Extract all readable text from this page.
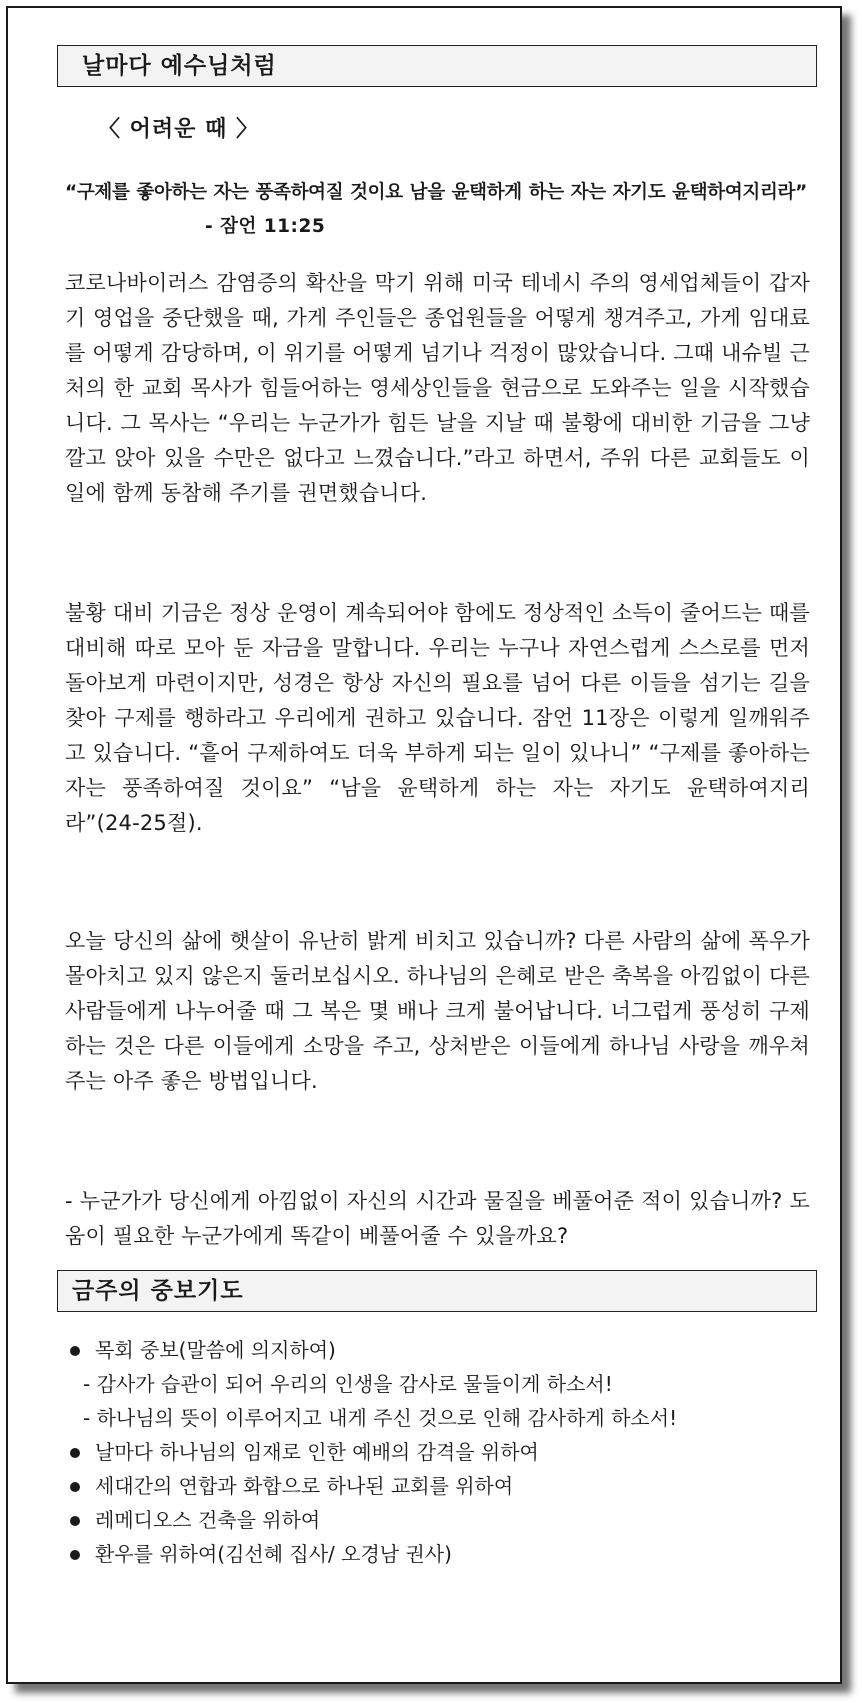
날마다 예수님처럼
〈 어려운 때 〉
“구제를 좋아하는 자는 풍족하여질 것이요 남을 윤택하게 하는 자는 자기도 윤택하여지리라” - 잠언 11:25
코로나바이러스 감염증의 확산을 막기 위해 미국 테네시 주의 영세업체들이 갑자기 영업을 중단했을 때, 가게 주인들은 종업원들을 어떻게 챙겨주고, 가게 임대료를 어떻게 감당하며, 이 위기를 어떻게 넘기나 걱정이 많았습니다. 그때 내슈빌 근처의 한 교회 목사가 힘들어하는 영세상인들을 현금으로 도와주는 일을 시작했습니다. 그 목사는 “우리는 누군가가 힘든 날을 지날 때 불황에 대비한 기금을 그냥 깔고 앉아 있을 수만은 없다고 느꼈습니다.”라고 하면서, 주위 다른 교회들도 이 일에 함께 동참해 주기를 권면했습니다.
불황 대비 기금은 정상 운영이 계속되어야 함에도 정상적인 소득이 줄어드는 때를 대비해 따로 모아 둔 자금을 말합니다. 우리는 누구나 자연스럽게 스스로를 먼저 돌아보게 마련이지만, 성경은 항상 자신의 필요를 넘어 다른 이들을 섬기는 길을 찾아 구제를 행하라고 우리에게 권하고 있습니다. 잠언 11장은 이렇게 일깨워주고 있습니다. “흩어 구제하여도 더욱 부하게 되는 일이 있나니” “구제를 좋아하는 자는 풍족하여질 것이요” “남을 윤택하게 하는 자는 자기도 윤택하여지리라”(24-25절).
오늘 당신의 삶에 햇살이 유난히 밝게 비치고 있습니까? 다른 사람의 삶에 폭우가 몰아치고 있지 않은지 둘러보십시오. 하나님의 은혜로 받은 축복을 아낌없이 다른 사람들에게 나누어줄 때 그 복은 몇 배나 크게 불어납니다. 너그럽게 풍성히 구제하는 것은 다른 이들에게 소망을 주고, 상처받은 이들에게 하나님 사랑을 깨우쳐주는 아주 좋은 방법입니다.
- 누군가가 당신에게 아낌없이 자신의 시간과 물질을 베풀어준 적이 있습니까? 도움이 필요한 누군가에게 똑같이 베풀어줄 수 있을까요?
금주의 중보기도
목회 중보(말씀에 의지하여)
- 감사가 습관이 되어 우리의 인생을 감사로 물들이게 하소서!
- 하나님의 뜻이 이루어지고 내게 주신 것으로 인해 감사하게 하소서!
날마다 하나님의 임재로 인한 예배의 감격을 위하여
세대간의 연합과 화합으로 하나된 교회를 위하여
레메디오스 건축을 위하여
환우를 위하여(김선혜 집사/ 오경남 권사)
